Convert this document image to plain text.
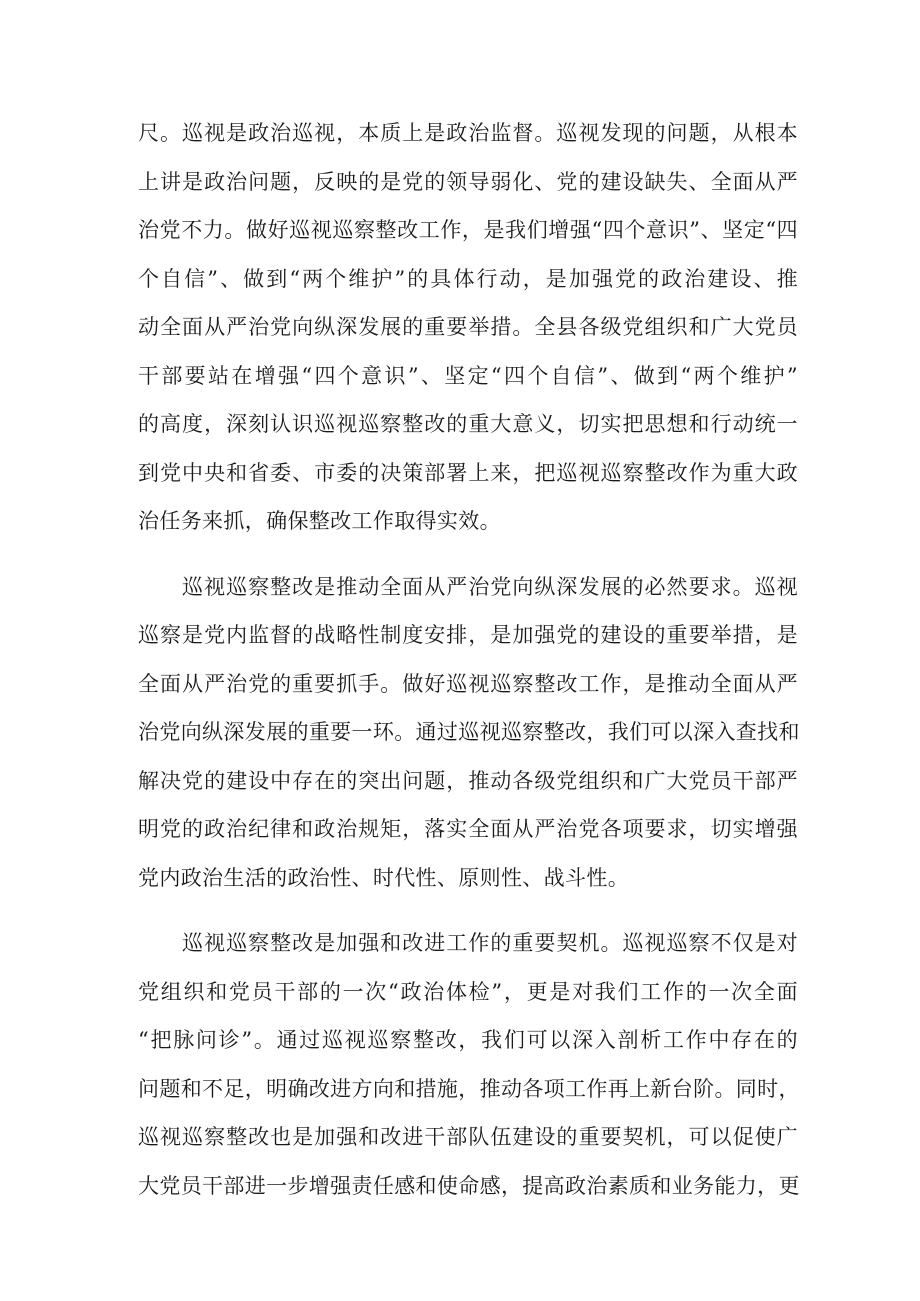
尺。巡视是政治巡视，本质上是政治监督。巡视发现的问题，从根本
上讲是政治问题，反映的是党的领导弱化、党的建设缺失、全面从严
治党不力。做好巡视巡察整改工作，是我们增强“四个意识”、坚定“四
个自信”、做到“两个维护”的具体行动，是加强党的政治建设、推
动全面从严治党向纵深发展的重要举措。全县各级党组织和广大党员
干部要站在增强“四个意识”、坚定“四个自信”、做到“两个维护”
的高度，深刻认识巡视巡察整改的重大意义，切实把思想和行动统一
到党中央和省委、市委的决策部署上来，把巡视巡察整改作为重大政
治任务来抓，确保整改工作取得实效。

　　巡视巡察整改是推动全面从严治党向纵深发展的必然要求。巡视
巡察是党内监督的战略性制度安排，是加强党的建设的重要举措，是
全面从严治党的重要抓手。做好巡视巡察整改工作，是推动全面从严
治党向纵深发展的重要一环。通过巡视巡察整改，我们可以深入查找和
解决党的建设中存在的突出问题，推动各级党组织和广大党员干部严
明党的政治纪律和政治规矩，落实全面从严治党各项要求，切实增强
党内政治生活的政治性、时代性、原则性、战斗性。

　　巡视巡察整改是加强和改进工作的重要契机。巡视巡察不仅是对
党组织和党员干部的一次“政治体检”，更是对我们工作的一次全面
“把脉问诊”。通过巡视巡察整改，我们可以深入剖析工作中存在的
问题和不足，明确改进方向和措施，推动各项工作再上新台阶。同时，
巡视巡察整改也是加强和改进干部队伍建设的重要契机，可以促使广
大党员干部进一步增强责任感和使命感，提高政治素质和业务能力，更
